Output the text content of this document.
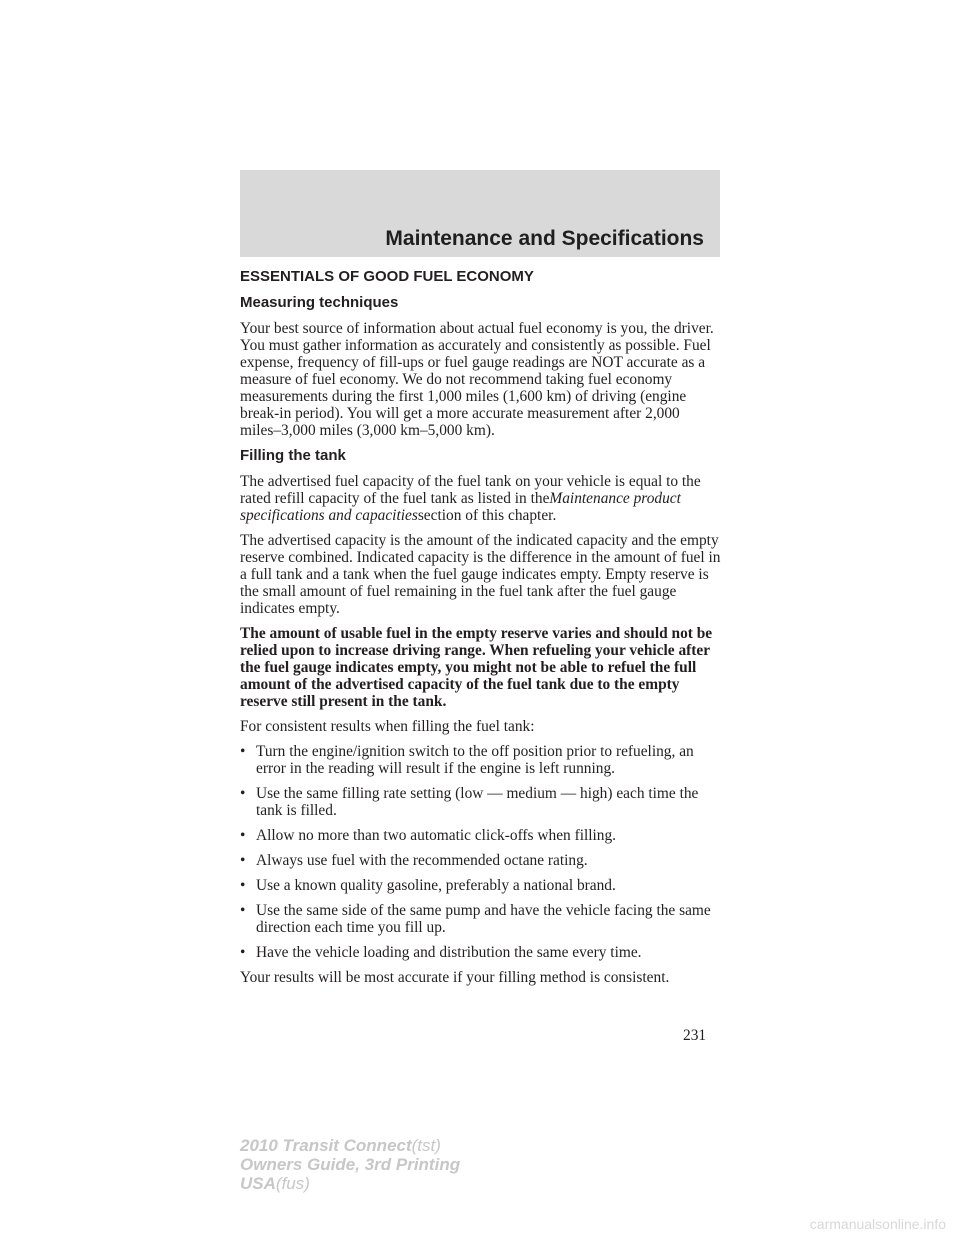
Maintenance and Specifications
ESSENTIALS OF GOOD FUEL ECONOMY
Measuring techniques

Your best source of information about actual fuel economy is you, the driver. You must gather information as accurately and consistently as possible. Fuel expense, frequency of fill-ups or fuel gauge readings are NOT accurate as a measure of fuel economy. We do not recommend taking fuel economy measurements during the first 1,000 miles (1,600 km) of driving (engine break-in period). You will get a more accurate measurement after 2,000 miles–3,000 miles (3,000 km–5,000 km).

Filling the tank

The advertised fuel capacity of the fuel tank on your vehicle is equal to the rated refill capacity of the fuel tank as listed in theMaintenance product specifications and capacitiessection of this chapter.

The advertised capacity is the amount of the indicated capacity and the empty reserve combined. Indicated capacity is the difference in the amount of fuel in a full tank and a tank when the fuel gauge indicates empty. Empty reserve is the small amount of fuel remaining in the fuel tank after the fuel gauge indicates empty.

The amount of usable fuel in the empty reserve varies and should not be relied upon to increase driving range. When refueling your vehicle after the fuel gauge indicates empty, you might not be able to refuel the full amount of the advertised capacity of the fuel tank due to the empty reserve still present in the tank.

For consistent results when filling the fuel tank:

• Turn the engine/ignition switch to the off position prior to refueling, an error in the reading will result if the engine is left running.
• Use the same filling rate setting (low — medium — high) each time the tank is filled.
• Allow no more than two automatic click-offs when filling.
• Always use fuel with the recommended octane rating.
• Use a known quality gasoline, preferably a national brand.
• Use the same side of the same pump and have the vehicle facing the same direction each time you fill up.
• Have the vehicle loading and distribution the same every time.

Your results will be most accurate if your filling method is consistent.

231

2010 Transit Connect(tst)
Owners Guide, 3rd Printing
USA(fus)

carmanualsonline.info
